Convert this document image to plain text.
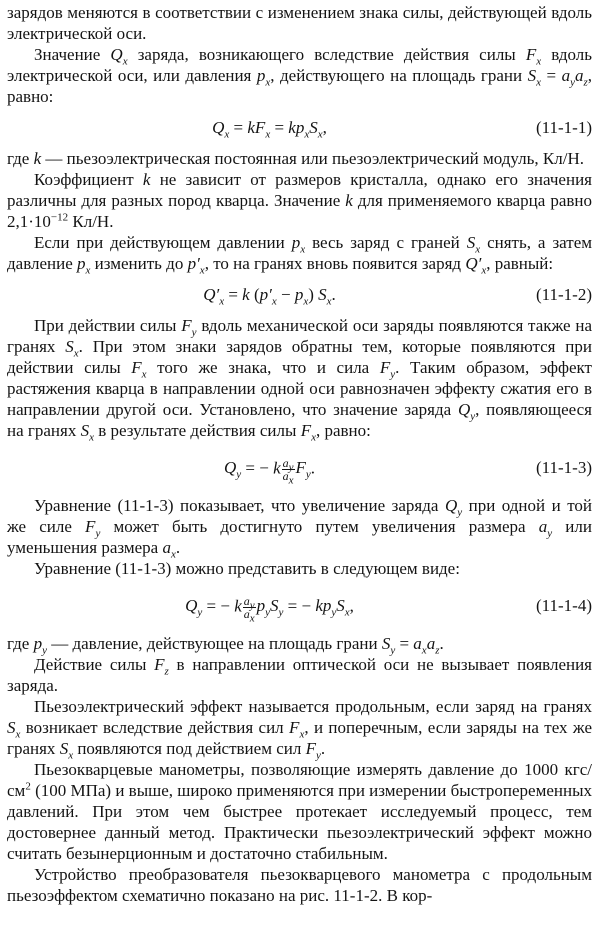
зарядов меняются в соответствии с изменением знака силы, действующей вдоль электрической оси.

Значение $Q_x$ заряда, возникающего вследствие действия силы $F_x$ вдоль электрической оси, или давления $p_x$, действующего на площадь грани $S_x = a_ya_z$, равно:

$Q_x = kF_x = kp_xS_x$,	(11-1-1)

где k — пьезоэлектрическая постоянная или пьезоэлектрический модуль, Кл/Н.

Коэффициент k не зависит от размеров кристалла, однако его значения различны для разных пород кварца. Значение k для применяемого кварца равно $2,1\cdot 10^{-12}$ Кл/Н.

Если при действующем давлении $p_x$ весь заряд с граней $S_x$ снять, а затем давление $p_x$ изменить до $p'_x$, то на гранях вновь появится заряд $Q'_x$, равный:

$Q'_x = k$ $(p'_x - p_x)$ $S_x$.	(11-1-2)

При действии силы $F_y$ вдоль механической оси заряды появляются также на гранях $S_x$. При этом знаки зарядов обратны тем, которые появляются при действии силы $F_x$ того же знака, что и сила $F_y$. Таким образом, эффект растяжения кварца в направлении одной оси равнозначен эффекту сжатия его в направлении другой оси. Установлено, что значение заряда $Q_y$, появляющееся на гранях $S_x$ в результате действия силы $F_x$, равно:

$Q_y$ = − k $\frac{a_y}{a_x} F_y$.	(11-1-3)

Уравнение (11-1-3) показывает, что увеличение заряда $Q_y$ при одной и той же силе $F_y$ может быть достигнуто путем увеличения размера $a_y$ или уменьшения размера $a_x$.

Уравнение (11-1-3) можно представить в следующем виде:

$Q_y$ = − k $\frac{a_y}{a_x} p_yS_y$ = − $kp_yS_x$,	(11-1-4)

где $p_y$ — давление, действующее на площадь грани $S_y = a_xa_z$.

Действие силы $F_z$ в направлении оптической оси не вызывает появления заряда.

Пьезоэлектрический эффект называется продольным, если заряд на гранях $S_x$ возникает вследствие действия сил $F_x$, и поперечным, если заряды на тех же гранях $S_x$ появляются под действием сил $F_y$.

Пьезокварцевые манометры, позволяющие измерять давление до 1000 кгс/$см^2$ (100 МПа) и выше, широко применяются при измерении быстропеременных давлений. При этом чем быстрее протекает исследуемый процесс, тем достовернее данный метод. Практически пьезоэлектрический эффект можно считать безынерционным и достаточно стабильным.

Устройство преобразователя пьезокварцевого манометра с продольным пьезоэффектом схематично показано на рис. 11-1-2. В кор-
